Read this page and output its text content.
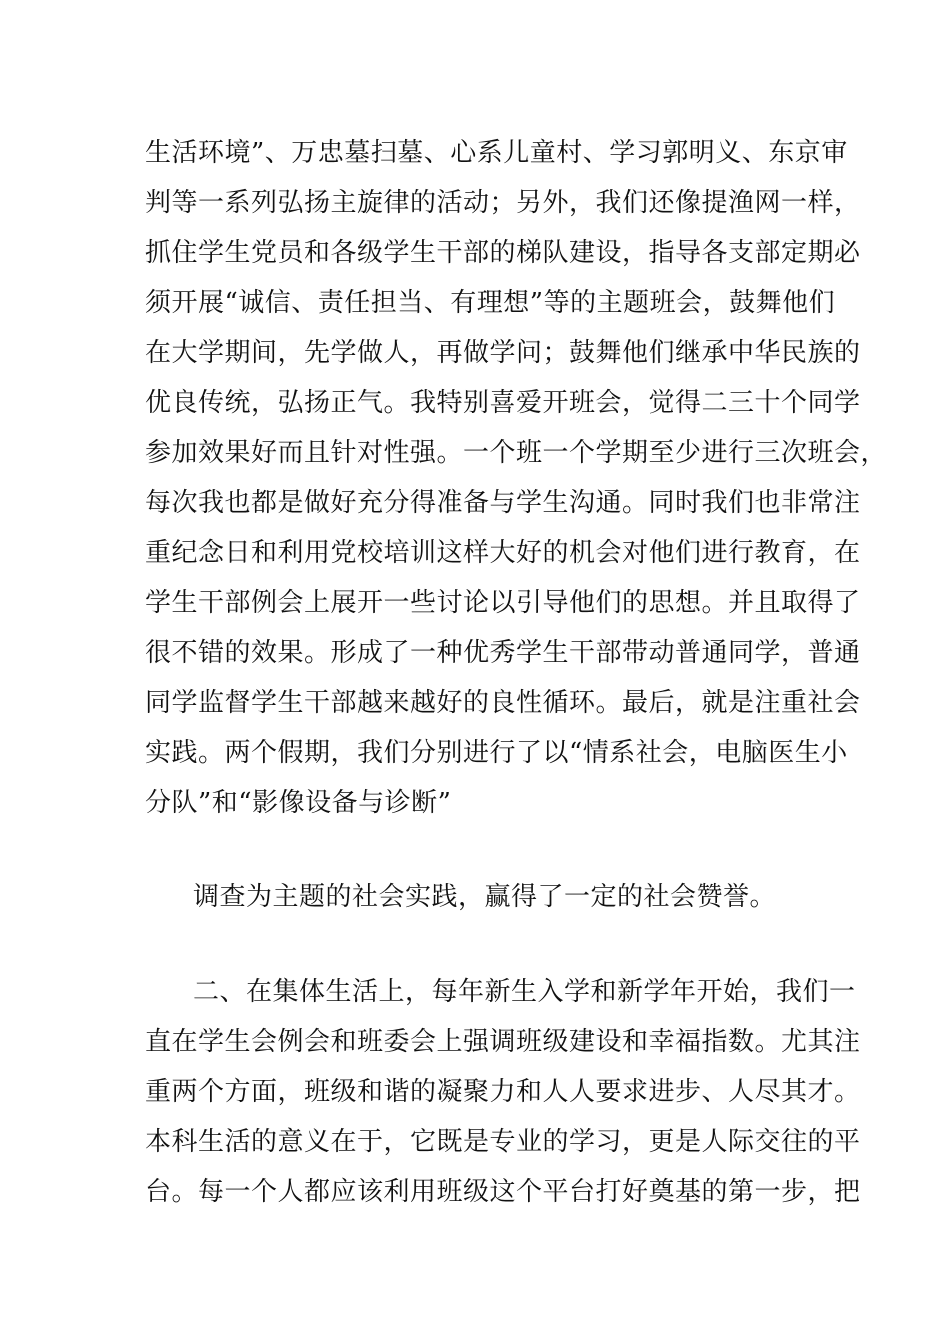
生活环境”、万忠墓扫墓、心系儿童村、学习郭明义、东京审
判等一系列弘扬主旋律的活动；另外，我们还像提渔网一样，
抓住学生党员和各级学生干部的梯队建设，指导各支部定期必
须开展“诚信、责任担当、有理想”等的主题班会，鼓舞他们
在大学期间，先学做人，再做学问；鼓舞他们继承中华民族的
优良传统，弘扬正气。我特别喜爱开班会，觉得二三十个同学
参加效果好而且针对性强。一个班一个学期至少进行三次班会，
每次我也都是做好充分得准备与学生沟通。同时我们也非常注
重纪念日和利用党校培训这样大好的机会对他们进行教育，在
学生干部例会上展开一些讨论以引导他们的思想。并且取得了
很不错的效果。形成了一种优秀学生干部带动普通同学，普通
同学监督学生干部越来越好的良性循环。最后，就是注重社会
实践。两个假期，我们分别进行了以“情系社会，电脑医生小
分队”和“影像设备与诊断”
调查为主题的社会实践，赢得了一定的社会赞誉。
二、在集体生活上，每年新生入学和新学年开始，我们一
直在学生会例会和班委会上强调班级建设和幸福指数。尤其注
重两个方面，班级和谐的凝聚力和人人要求进步、人尽其才。
本科生活的意义在于，它既是专业的学习，更是人际交往的平
台。每一个人都应该利用班级这个平台打好奠基的第一步，把
